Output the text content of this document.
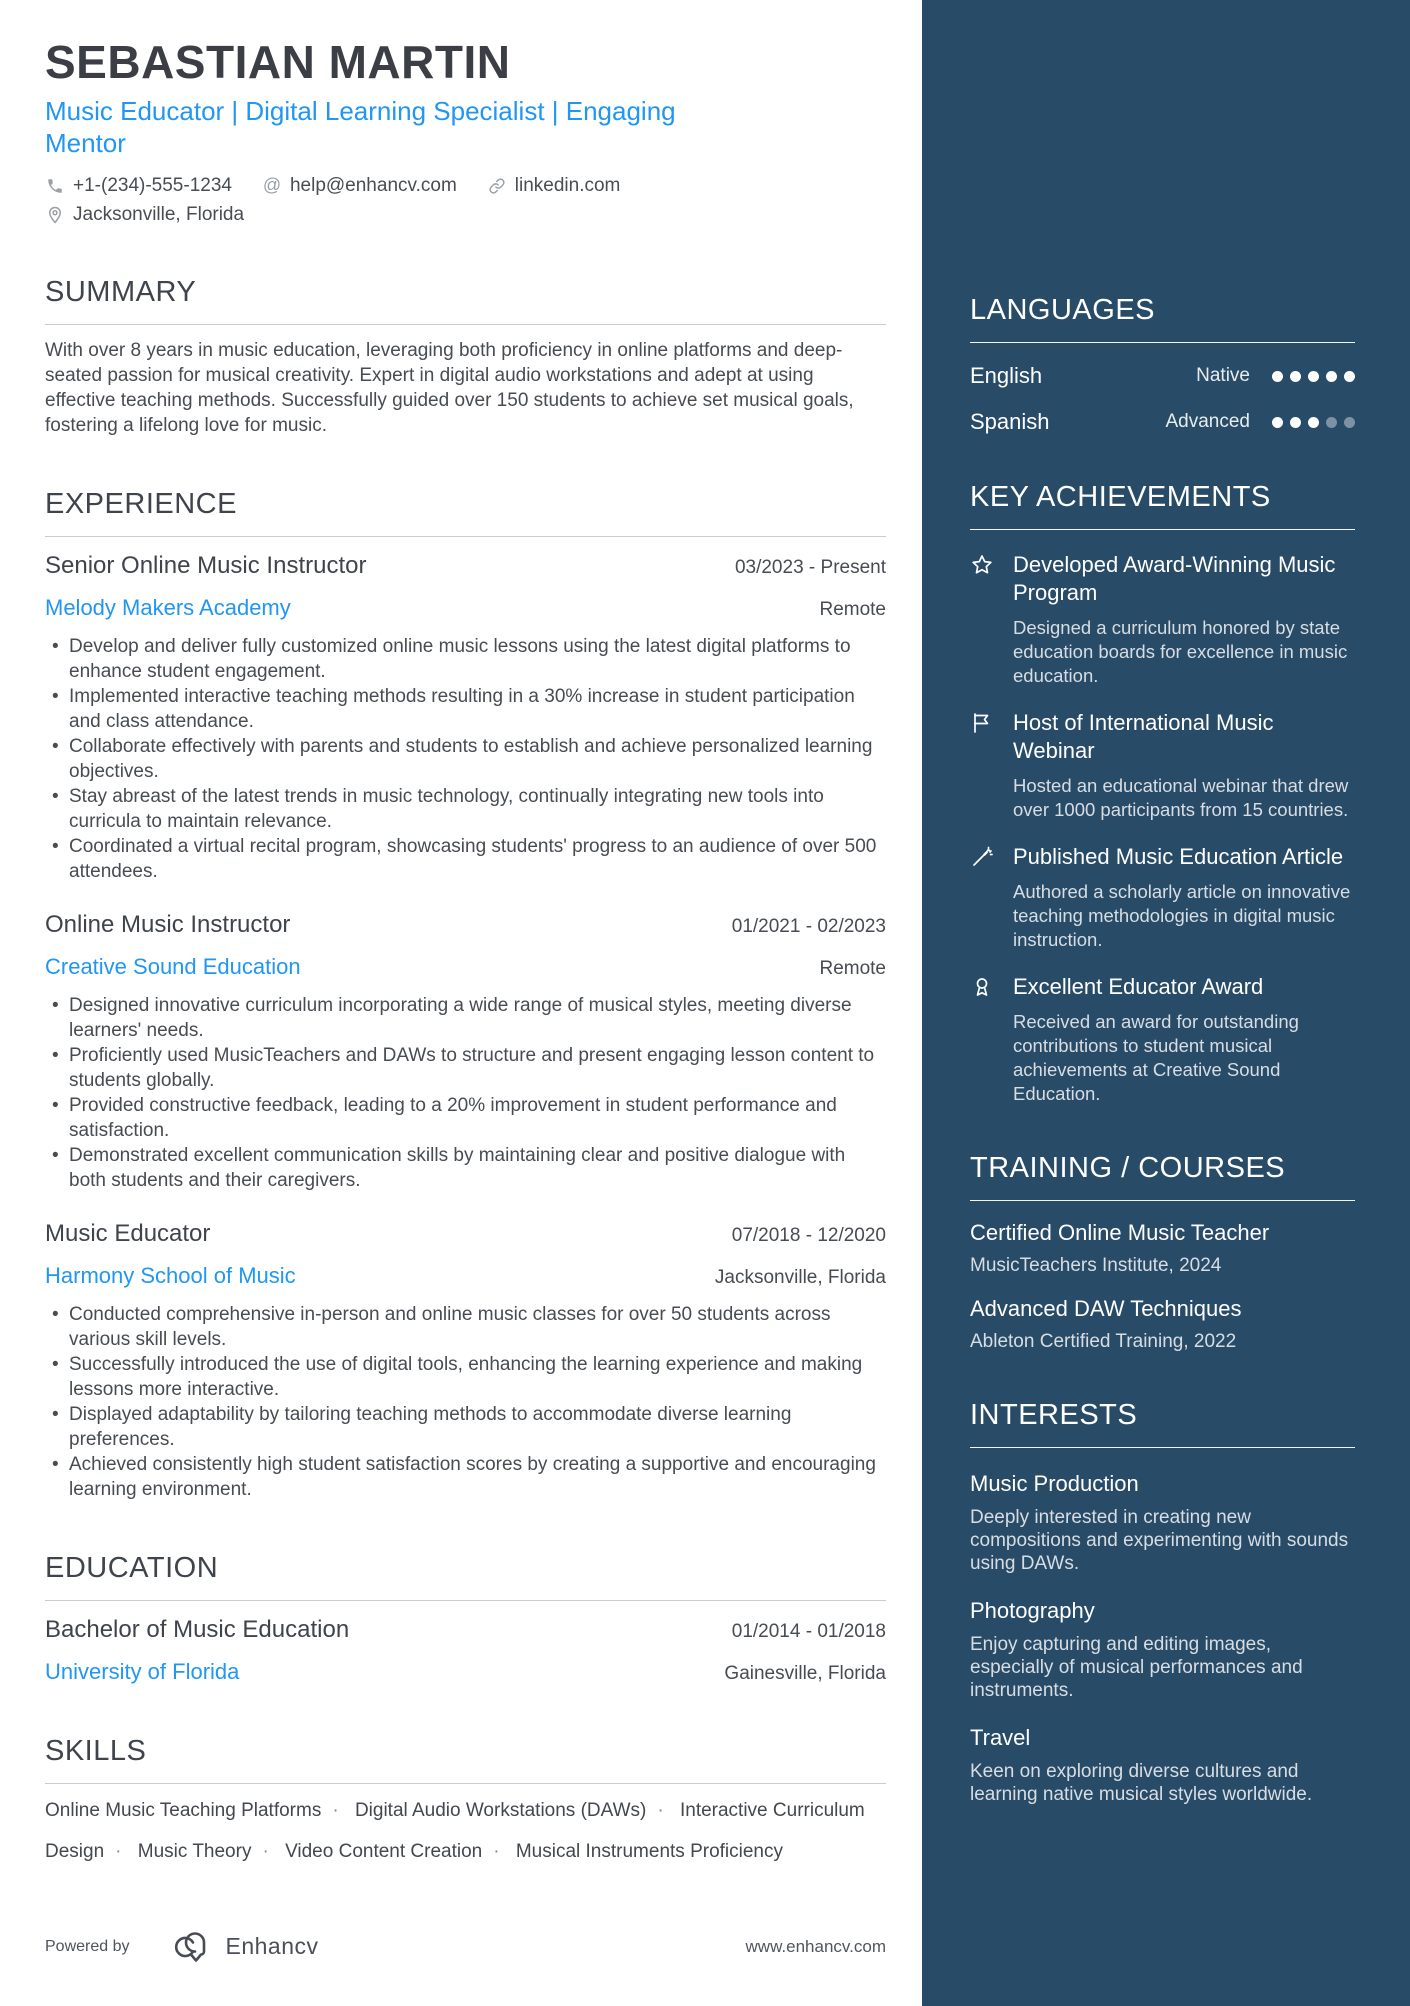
SEBASTIAN MARTIN
Music Educator | Digital Learning Specialist | Engaging Mentor
+1-(234)-555-1234 @ help@enhancv.com	linkedin.com
Jacksonville, Florida
SUMMARY

With over 8 years in music education, leveraging both proficiency in online platforms and deep-seated passion for musical creativity. Expert in digital audio workstations and adept at using effective teaching methods. Successfully guided over 150 students to achieve set musical goals, fostering a lifelong love for music.

EXPERIENCE
Senior Online Music Instructor	03/2023 - Present
Melody Makers Academy	Remote
• Develop and deliver fully customized online music lessons using the latest digital platforms to enhance student engagement.
• Implemented interactive teaching methods resulting in a 30% increase in student participation and class attendance.
• Collaborate effectively with parents and students to establish and achieve personalized learning objectives.
• Stay abreast of the latest trends in music technology, continually integrating new tools into curricula to maintain relevance.
• Coordinated a virtual recital program, showcasing students' progress to an audience of over 500 attendees.
Online Music Instructor	01/2021 - 02/2023
Creative Sound Education	Remote
• Designed innovative curriculum incorporating a wide range of musical styles, meeting diverse learners' needs.
• Proficiently used MusicTeachers and DAWs to structure and present engaging lesson content to students globally.
• Provided constructive feedback, leading to a 20% improvement in student performance and satisfaction.
• Demonstrated excellent communication skills by maintaining clear and positive dialogue with both students and their caregivers.
Music Educator	07/2018 - 12/2020
Harmony School of Music	Jacksonville, Florida
• Conducted comprehensive in-person and online music classes for over 50 students across various skill levels.
• Successfully introduced the use of digital tools, enhancing the learning experience and making lessons more interactive.
• Displayed adaptability by tailoring teaching methods to accommodate diverse learning preferences.
• Achieved consistently high student satisfaction scores by creating a supportive and encouraging learning environment.
EDUCATION
Bachelor of Music Education	01/2014 - 01/2018
University of Florida	Gainesville, Florida
SKILLS

Online Music Teaching Platforms · Digital Audio Workstations (DAWs) · Interactive Curriculum Design · Music Theory · Video Content Creation · Musical Instruments Proficiency

Powered by	Enhancv	www.enhancv.com
LANGUAGES
English	Native
Spanish	Advanced
KEY ACHIEVEMENTS
Developed Award-Winning Music Program
Designed a curriculum honored by state education boards for excellence in music education.
Host of International Music Webinar
Hosted an educational webinar that drew over 1000 participants from 15 countries.
Published Music Education Article
Authored a scholarly article on innovative teaching methodologies in digital music instruction.
Excellent Educator Award
Received an award for outstanding contributions to student musical achievements at Creative Sound Education.
TRAINING / COURSES
Certified Online Music Teacher
MusicTeachers Institute, 2024
Advanced DAW Techniques
Ableton Certified Training, 2022
INTERESTS
Music Production
Deeply interested in creating new compositions and experimenting with sounds using DAWs.
Photography
Enjoy capturing and editing images, especially of musical performances and instruments.
Travel
Keen on exploring diverse cultures and learning native musical styles worldwide.
